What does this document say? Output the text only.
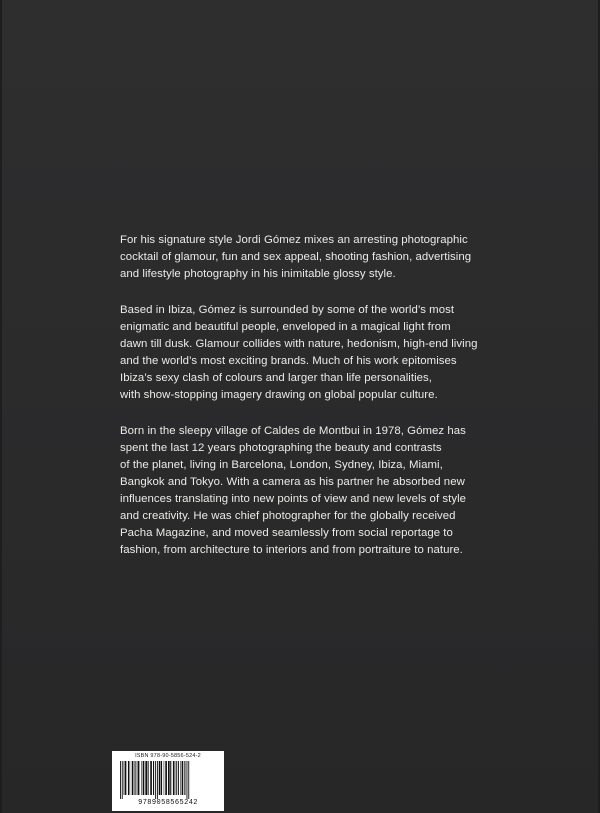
For his signature style Jordi Gómez mixes an arresting photographic
cocktail of glamour, fun and sex appeal, shooting fashion, advertising
and lifestyle photography in his inimitable glossy style.

Based in Ibiza, Gómez is surrounded by some of the world’s most
enigmatic and beautiful people, enveloped in a magical light from
dawn till dusk. Glamour collides with nature, hedonism, high-end living
and the world’s most exciting brands. Much of his work epitomises
Ibiza’s sexy clash of colours and larger than life personalities,
with show-stopping imagery drawing on global popular culture.

Born in the sleepy village of Caldes de Montbui in 1978, Gómez has
spent the last 12 years photographing the beauty and contrasts
of the planet, living in Barcelona, London, Sydney, Ibiza, Miami,
Bangkok and Tokyo. With a camera as his partner he absorbed new
influences translating into new points of view and new levels of style
and creativity. He was chief photographer for the globally received
Pacha Magazine, and moved seamlessly from social reportage to
fashion, from architecture to interiors and from portraiture to nature.

ISBN 978-90-5856-524-2
9789058565242
